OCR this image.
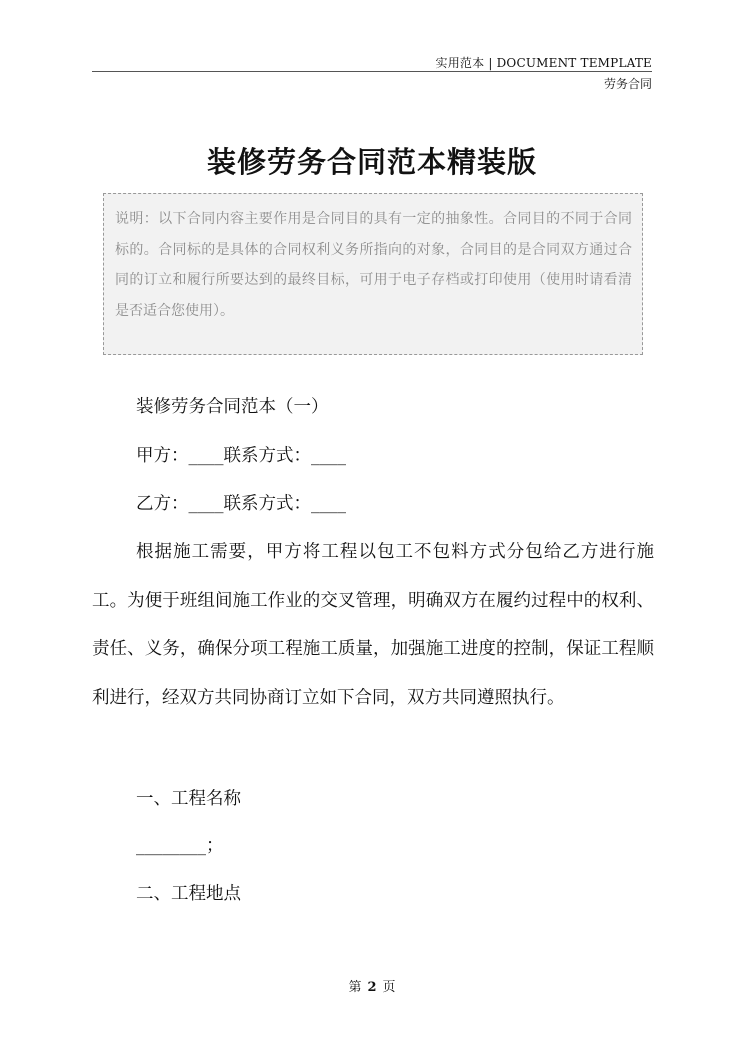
实用范本 | DOCUMENT TEMPLATE
劳务合同
装修劳务合同范本精装版
说明：以下合同内容主要作用是合同目的具有一定的抽象性。合同目的不同于合同标的。合同标的是具体的合同权利义务所指向的对象，合同目的是合同双方通过合同的订立和履行所要达到的最终目标，可用于电子存档或打印使用（使用时请看清是否适合您使用）。
装修劳务合同范本（一）
甲方：____联系方式：____
乙方：____联系方式：____
根据施工需要，甲方将工程以包工不包料方式分包给乙方进行施工。为便于班组间施工作业的交叉管理，明确双方在履约过程中的权利、责任、义务，确保分项工程施工质量，加强施工进度的控制，保证工程顺利进行，经双方共同协商订立如下合同，双方共同遵照执行。
一、工程名称
________；
二、工程地点
第 2 页
